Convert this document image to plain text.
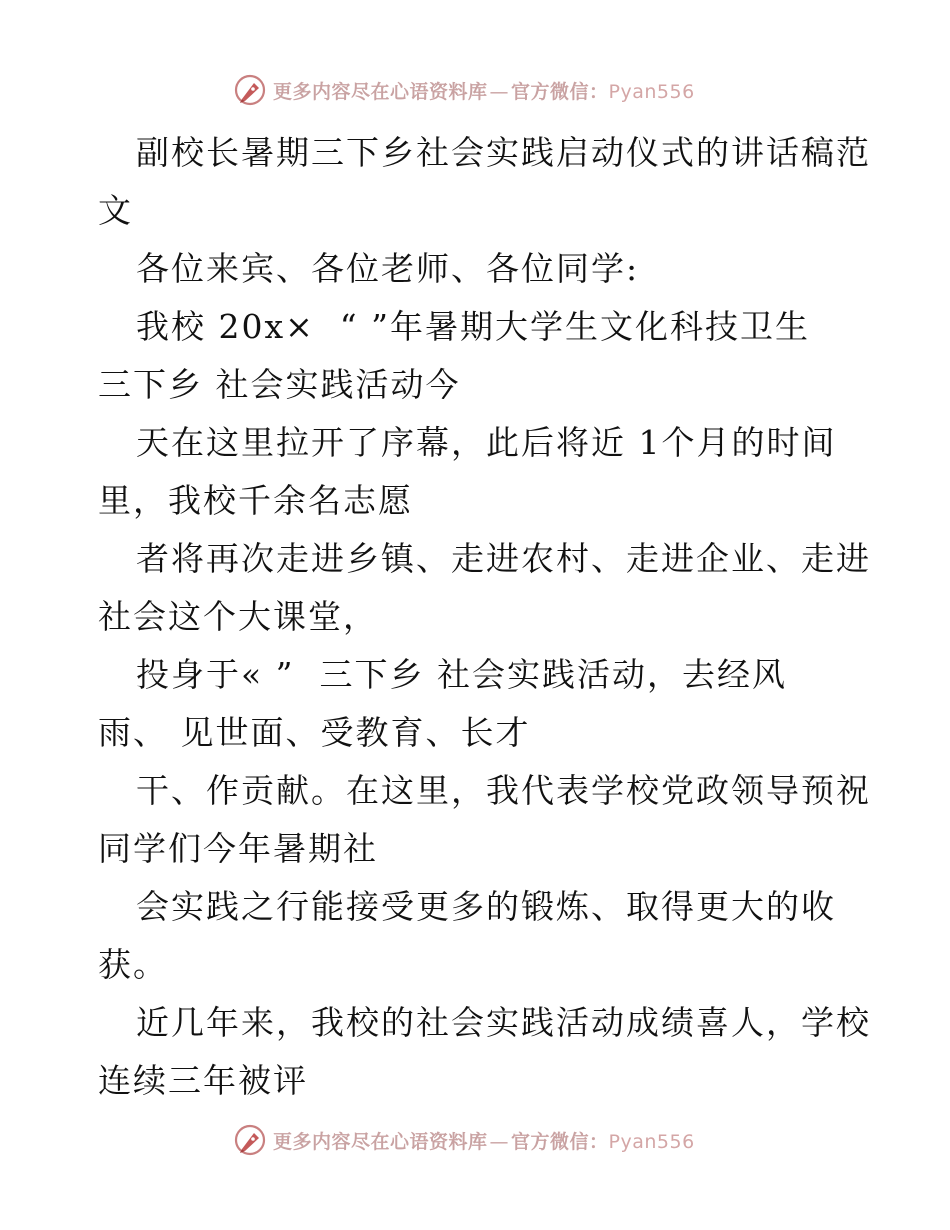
更多内容尽在心语资料库 — 官方微信：Pyan556
副校长暑期三下乡社会实践启动仪式的讲话稿范
文
各位来宾、各位老师、各位同学:
我校 20x×  “ ”年暑期大学生文化科技卫生
三下乡 社会实践活动今
天在这里拉开了序幕，此后将近 1个月的时间
里，我校千余名志愿
者将再次走进乡镇、走进农村、走进企业、走进
社会这个大课堂，
投身于« ”  三下乡 社会实践活动，去经风
雨、 见世面、受教育、长才
干、作贡献。在这里，我代表学校党政领导预祝
同学们今年暑期社
会实践之行能接受更多的锻炼、取得更大的收
获。
近几年来，我校的社会实践活动成绩喜人，学校
连续三年被评
更多内容尽在心语资料库 — 官方微信：Pyan556
